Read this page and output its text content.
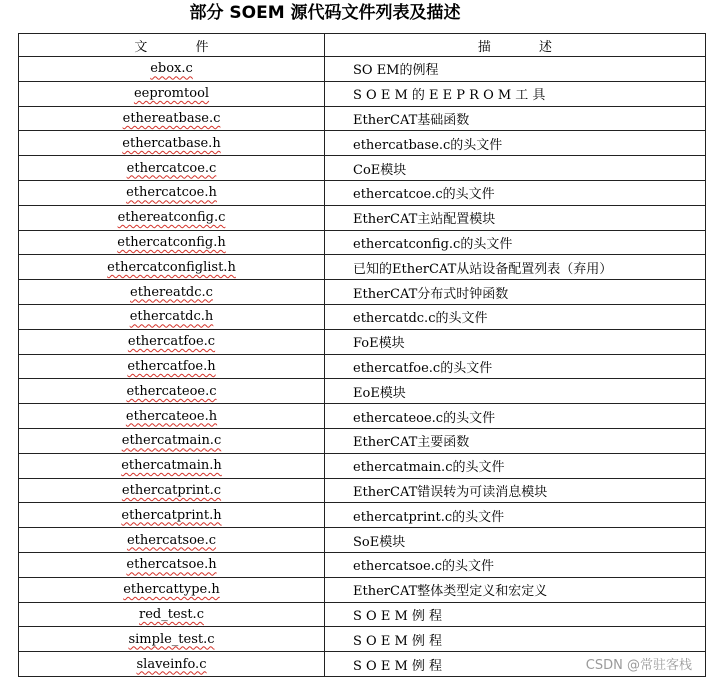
部分 SOEM 源代码文件列表及描述
文 件	描 述
ebox.c	SO EM的例程
eepromtool	S O E M 的 E E P R O M 工 具
ethereatbase.c	EtherCAT基础函数
ethercatbase.h	ethercatbase.c的头文件
ethercatcoe.c	CoE模块
ethercatcoe.h	ethercatcoe.c的头文件
ethereatconfig.c	EtherCAT主站配置模块
ethercatconfig.h	ethercatconfig.c的头文件
ethercatconfiglist.h	已知的EtherCAT从站设备配置列表（弃用）
ethereatdc.c	EtherCAT分布式时钟函数
ethercatdc.h	ethercatdc.c的头文件
ethercatfoe.c	FoE模块
ethercatfoe.h	ethercatfoe.c的头文件
ethercateoe.c	EoE模块
ethercateoe.h	ethercateoe.c的头文件
ethercatmain.c	EtherCAT主要函数
ethercatmain.h	ethercatmain.c的头文件
ethercatprint.c	EtherCAT错误转为可读消息模块
ethercatprint.h	ethercatprint.c的头文件
ethercatsoe.c	SoE模块
ethercatsoe.h	ethercatsoe.c的头文件
ethercattype.h	EtherCAT整体类型定义和宏定义
red_test.c	S O E M 例 程
simple_test.c	S O E M 例 程
slaveinfo.c	S O E M 例 程	CSDN @常驻客栈
